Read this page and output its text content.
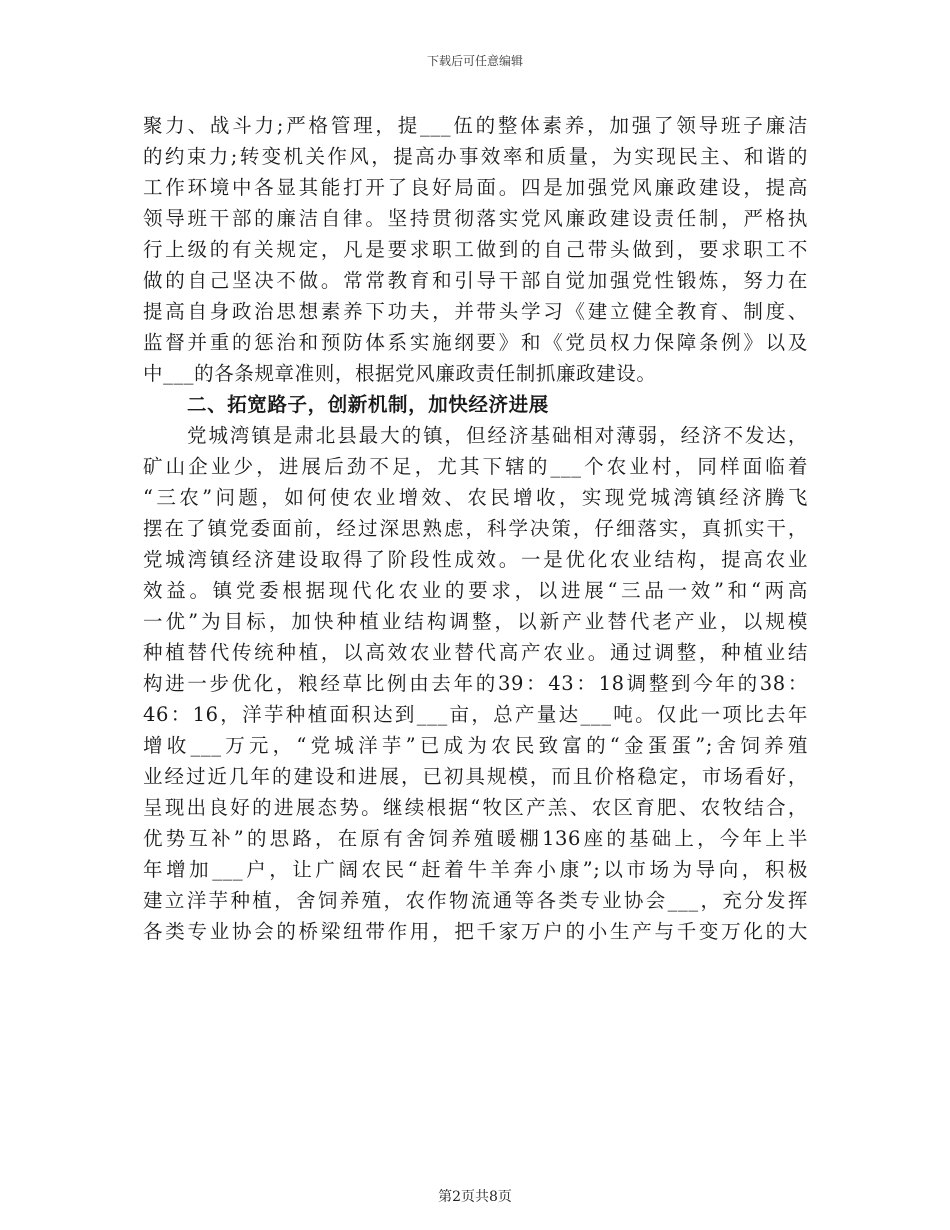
下载后可任意编辑
聚力、战斗力;严格管理，提___伍的整体素养，加强了领导班子廉洁
的约束力;转变机关作风，提高办事效率和质量，为实现民主、和谐的
工作环境中各显其能打开了良好局面。四是加强党风廉政建设，提高
领导班干部的廉洁自律。坚持贯彻落实党风廉政建设责任制，严格执
行上级的有关规定，凡是要求职工做到的自己带头做到，要求职工不
做的自己坚决不做。常常教育和引导干部自觉加强党性锻炼，努力在
提高自身政治思想素养下功夫，并带头学习《建立健全教育、制度、
监督并重的惩治和预防体系实施纲要》和《党员权力保障条例》以及
中___的各条规章准则，根据党风廉政责任制抓廉政建设。
二、拓宽路子，创新机制，加快经济进展
党城湾镇是肃北县最大的镇，但经济基础相对薄弱，经济不发达，
矿山企业少，进展后劲不足，尤其下辖的___个农业村，同样面临着
“三农”问题，如何使农业增效、农民增收，实现党城湾镇经济腾飞
摆在了镇党委面前，经过深思熟虑，科学决策，仔细落实，真抓实干，
党城湾镇经济建设取得了阶段性成效。一是优化农业结构，提高农业
效益。镇党委根据现代化农业的要求，以进展“三品一效”和“两高
一优”为目标，加快种植业结构调整，以新产业替代老产业，以规模
种植替代传统种植，以高效农业替代高产农业。通过调整，种植业结
构进一步优化，粮经草比例由去年的39：43：18调整到今年的38：
46：16，洋芋种植面积达到___亩，总产量达___吨。仅此一项比去年
增收___万元，“党城洋芋”已成为农民致富的“金蛋蛋”;舍饲养殖
业经过近几年的建设和进展，已初具规模，而且价格稳定，市场看好，
呈现出良好的进展态势。继续根据“牧区产羔、农区育肥、农牧结合，
优势互补”的思路，在原有舍饲养殖暖棚136座的基础上，今年上半
年增加___户，让广阔农民“赶着牛羊奔小康”;以市场为导向，积极
建立洋芋种植，舍饲养殖，农作物流通等各类专业协会___，充分发挥
各类专业协会的桥梁纽带作用，把千家万户的小生产与千变万化的大
第2页共8页
